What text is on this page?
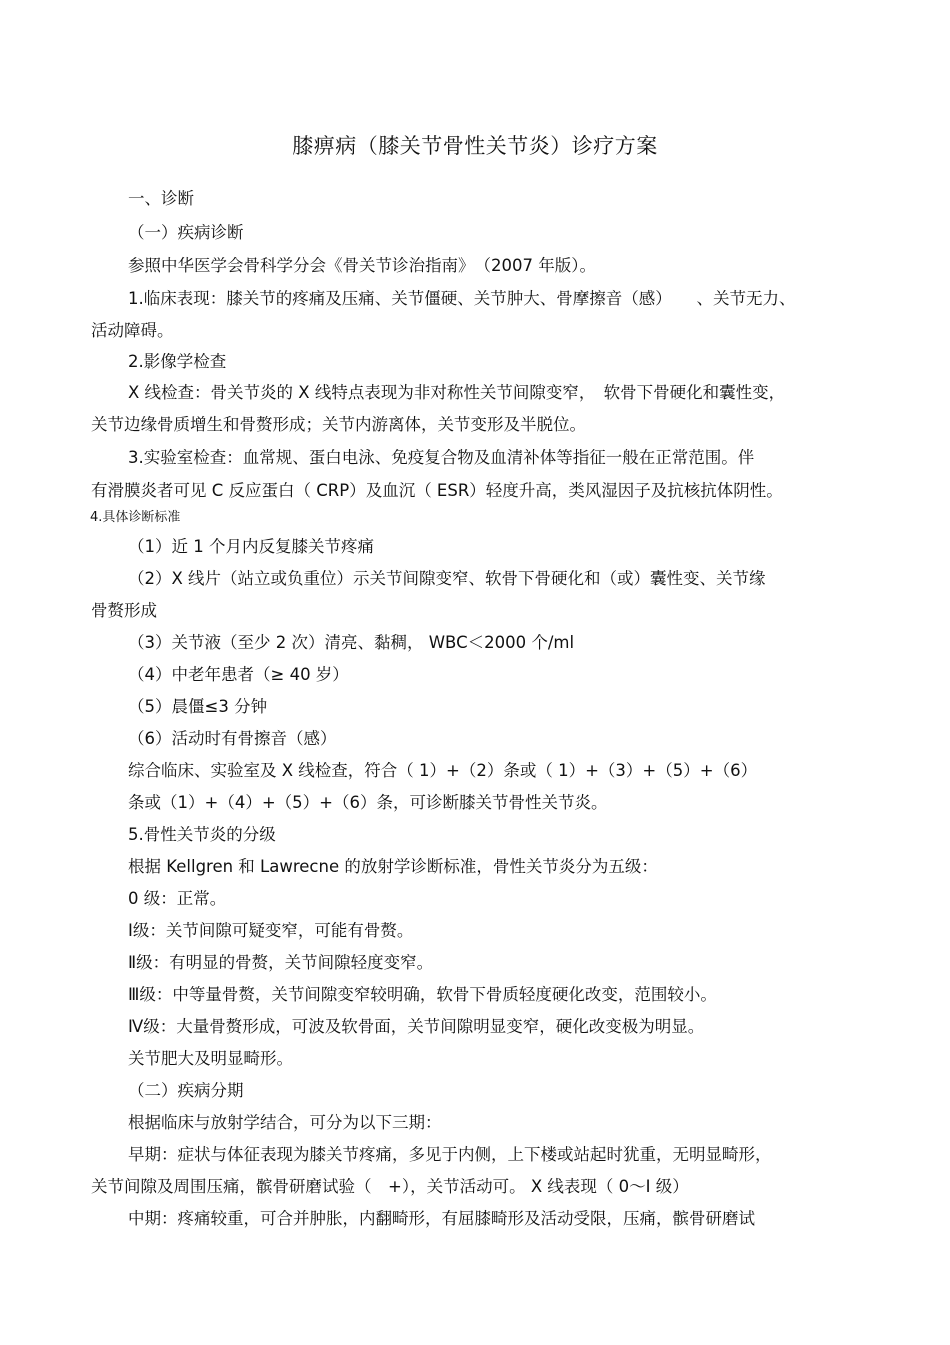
膝痹病（膝关节骨性关节炎）诊疗方案
一、诊断
（一）疾病诊断
参照中华医学会骨科学分会《骨关节诊治指南》　（2007 年版）。
1.临床表现：膝关节的疼痛及压痛、关节僵硬、关节肿大、骨摩擦音（感）　　、关节无力、
活动障碍。
2.影像学检查
X 线检查：骨关节炎的 X 线特点表现为非对称性关节间隙变窄，　软骨下骨硬化和囊性变，
关节边缘骨质增生和骨赘形成；关节内游离体，关节变形及半脱位。
3.实验室检查：血常规、蛋白电泳、免疫复合物及血清补体等指征一般在正常范围。伴
有滑膜炎者可见 C 反应蛋白（ CRP）及血沉（ ESR）轻度升高，类风湿因子及抗核抗体阴性。
4.具体诊断标准
（1）近 1 个月内反复膝关节疼痛
（2）X 线片（站立或负重位）示关节间隙变窄、软骨下骨硬化和（或）囊性变、关节缘
骨赘形成
（3）关节液（至少 2 次）清亮、黏稠， WBC＜2000 个/ml
（4）中老年患者（≥ 40 岁）
（5）晨僵≤3 分钟
（6）活动时有骨擦音（感）
综合临床、实验室及 X 线检查，符合（ 1）+（2）条或（ 1）+（3）+（5）+（6）
条或（1）+（4）+（5）+（6）条，可诊断膝关节骨性关节炎。
5.骨性关节炎的分级
根据 Kellgren 和 Lawrecne 的放射学诊断标准，骨性关节炎分为五级：
0 级：正常。
Ⅰ级：关节间隙可疑变窄，可能有骨赘。
Ⅱ级：有明显的骨赘，关节间隙轻度变窄。
Ⅲ级：中等量骨赘，关节间隙变窄较明确，软骨下骨质轻度硬化改变，范围较小。
Ⅳ级：大量骨赘形成，可波及软骨面，关节间隙明显变窄，硬化改变极为明显。
关节肥大及明显畸形。
（二）疾病分期
根据临床与放射学结合，可分为以下三期：
早期：症状与体征表现为膝关节疼痛，多见于内侧，上下楼或站起时犹重，无明显畸形，
关节间隙及周围压痛，髌骨研磨试验（　+），关节活动可。 X 线表现（ 0～I 级）
中期：疼痛较重，可合并肿胀，内翻畸形，有屈膝畸形及活动受限，压痛，髌骨研磨试
